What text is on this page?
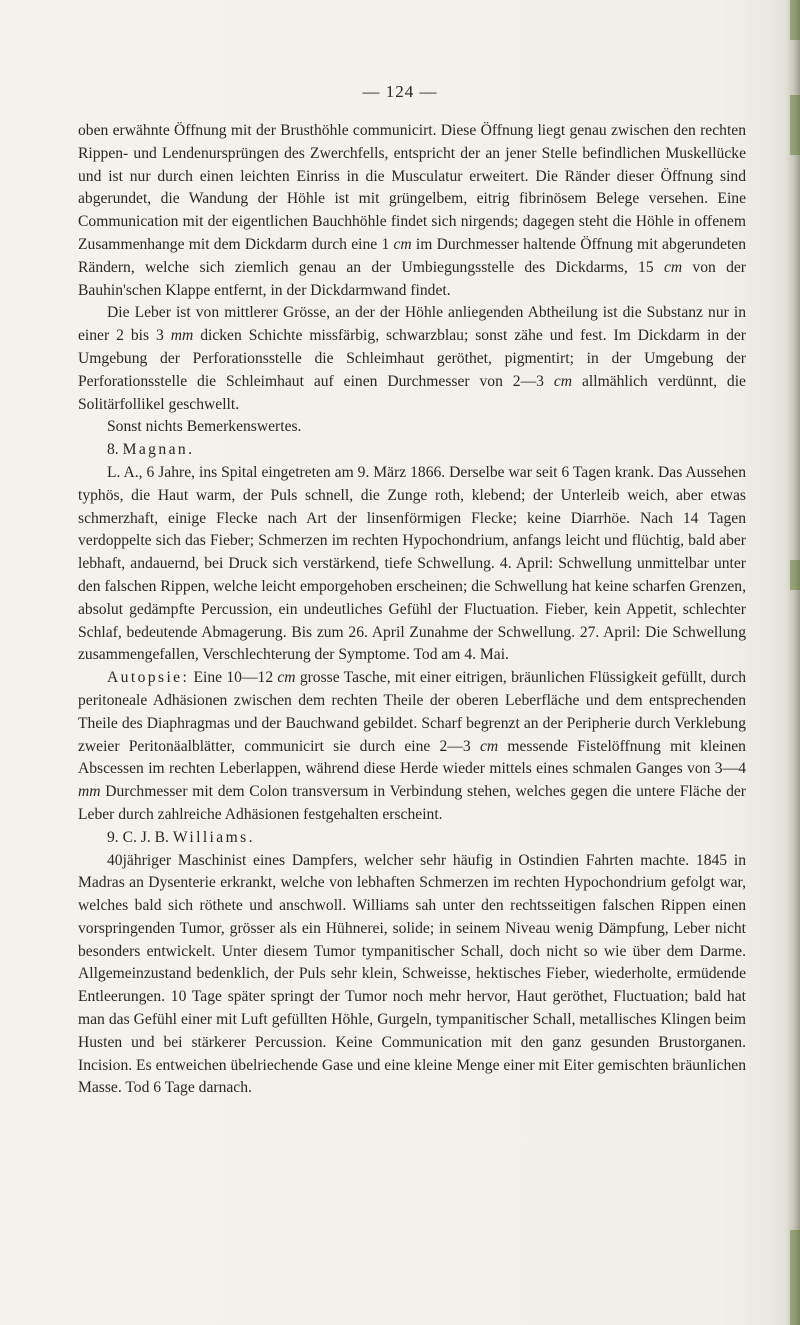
— 124 —

oben erwähnte Öffnung mit der Brusthöhle communicirt. Diese Öffnung liegt genau zwischen den rechten Rippen- und Lendenursprüngen des Zwerchfells, entspricht der an jener Stelle befindlichen Muskellücke und ist nur durch einen leichten Einriss in die Musculatur erweitert. Die Ränder dieser Öffnung sind abgerundet, die Wandung der Höhle ist mit grüngelbem, eitrig fibrinösem Belege versehen. Eine Communication mit der eigentlichen Bauchhöhle findet sich nirgends; dagegen steht die Höhle in offenem Zusammenhange mit dem Dickdarm durch eine 1 cm im Durchmesser haltende Öffnung mit abgerundeten Rändern, welche sich ziemlich genau an der Umbiegungsstelle des Dickdarms, 15 cm von der Bauhin'schen Klappe entfernt, in der Dickdarmwand findet.

Die Leber ist von mittlerer Grösse, an der der Höhle anliegenden Abtheilung ist die Substanz nur in einer 2 bis 3 mm dicken Schichte missfärbig, schwarzblau; sonst zähe und fest. Im Dickdarm in der Umgebung der Perforationsstelle die Schleimhaut geröthet, pigmentirt; in der Umgebung der Perforationsstelle die Schleimhaut auf einen Durchmesser von 2—3 cm allmählich verdünnt, die Solitärfollikel geschwellt.

Sonst nichts Bemerkenswertes.

8. Magnan.

L. A., 6 Jahre, ins Spital eingetreten am 9. März 1866. Derselbe war seit 6 Tagen krank. Das Aussehen typhös, die Haut warm, der Puls schnell, die Zunge roth, klebend; der Unterleib weich, aber etwas schmerzhaft, einige Flecke nach Art der linsenförmigen Flecke; keine Diarrhöe. Nach 14 Tagen verdoppelte sich das Fieber; Schmerzen im rechten Hypochondrium, anfangs leicht und flüchtig, bald aber lebhaft, andauernd, bei Druck sich verstärkend, tiefe Schwellung. 4. April: Schwellung unmittelbar unter den falschen Rippen, welche leicht emporgehoben erscheinen; die Schwellung hat keine scharfen Grenzen, absolut gedämpfte Percussion, ein undeutliches Gefühl der Fluctuation. Fieber, kein Appetit, schlechter Schlaf, bedeutende Abmagerung. Bis zum 26. April Zunahme der Schwellung. 27. April: Die Schwellung zusammengefallen, Verschlechterung der Symptome. Tod am 4. Mai.

Autopsie: Eine 10—12 cm grosse Tasche, mit einer eitrigen, bräunlichen Flüssigkeit gefüllt, durch peritoneale Adhäsionen zwischen dem rechten Theile der oberen Leberfläche und dem entsprechenden Theile des Diaphragmas und der Bauchwand gebildet. Scharf begrenzt an der Peripherie durch Verklebung zweier Peritonäalblätter, communicirt sie durch eine 2—3 cm messende Fistelöffnung mit kleinen Abscessen im rechten Leberlappen, während diese Herde wieder mittels eines schmalen Ganges von 3—4 mm Durchmesser mit dem Colon transversum in Verbindung stehen, welches gegen die untere Fläche der Leber durch zahlreiche Adhäsionen festgehalten erscheint.

9. C. J. B. Williams.

40jähriger Maschinist eines Dampfers, welcher sehr häufig in Ostindien Fahrten machte. 1845 in Madras an Dysenterie erkrankt, welche von lebhaften Schmerzen im rechten Hypochondrium gefolgt war, welches bald sich röthete und anschwoll. Williams sah unter den rechtsseitigen falschen Rippen einen vorspringenden Tumor, grösser als ein Hühnerei, solide; in seinem Niveau wenig Dämpfung, Leber nicht besonders entwickelt. Unter diesem Tumor tympanitischer Schall, doch nicht so wie über dem Darme. Allgemeinzustand bedenklich, der Puls sehr klein, Schweisse, hektisches Fieber, wiederholte, ermüdende Entleerungen. 10 Tage später springt der Tumor noch mehr hervor, Haut geröthet, Fluctuation; bald hat man das Gefühl einer mit Luft gefüllten Höhle, Gurgeln, tympanitischer Schall, metallisches Klingen beim Husten und bei stärkerer Percussion. Keine Communication mit den ganz gesunden Brustorganen. Incision. Es entweichen übelriechende Gase und eine kleine Menge einer mit Eiter gemischten bräunlichen Masse. Tod 6 Tage darnach.
